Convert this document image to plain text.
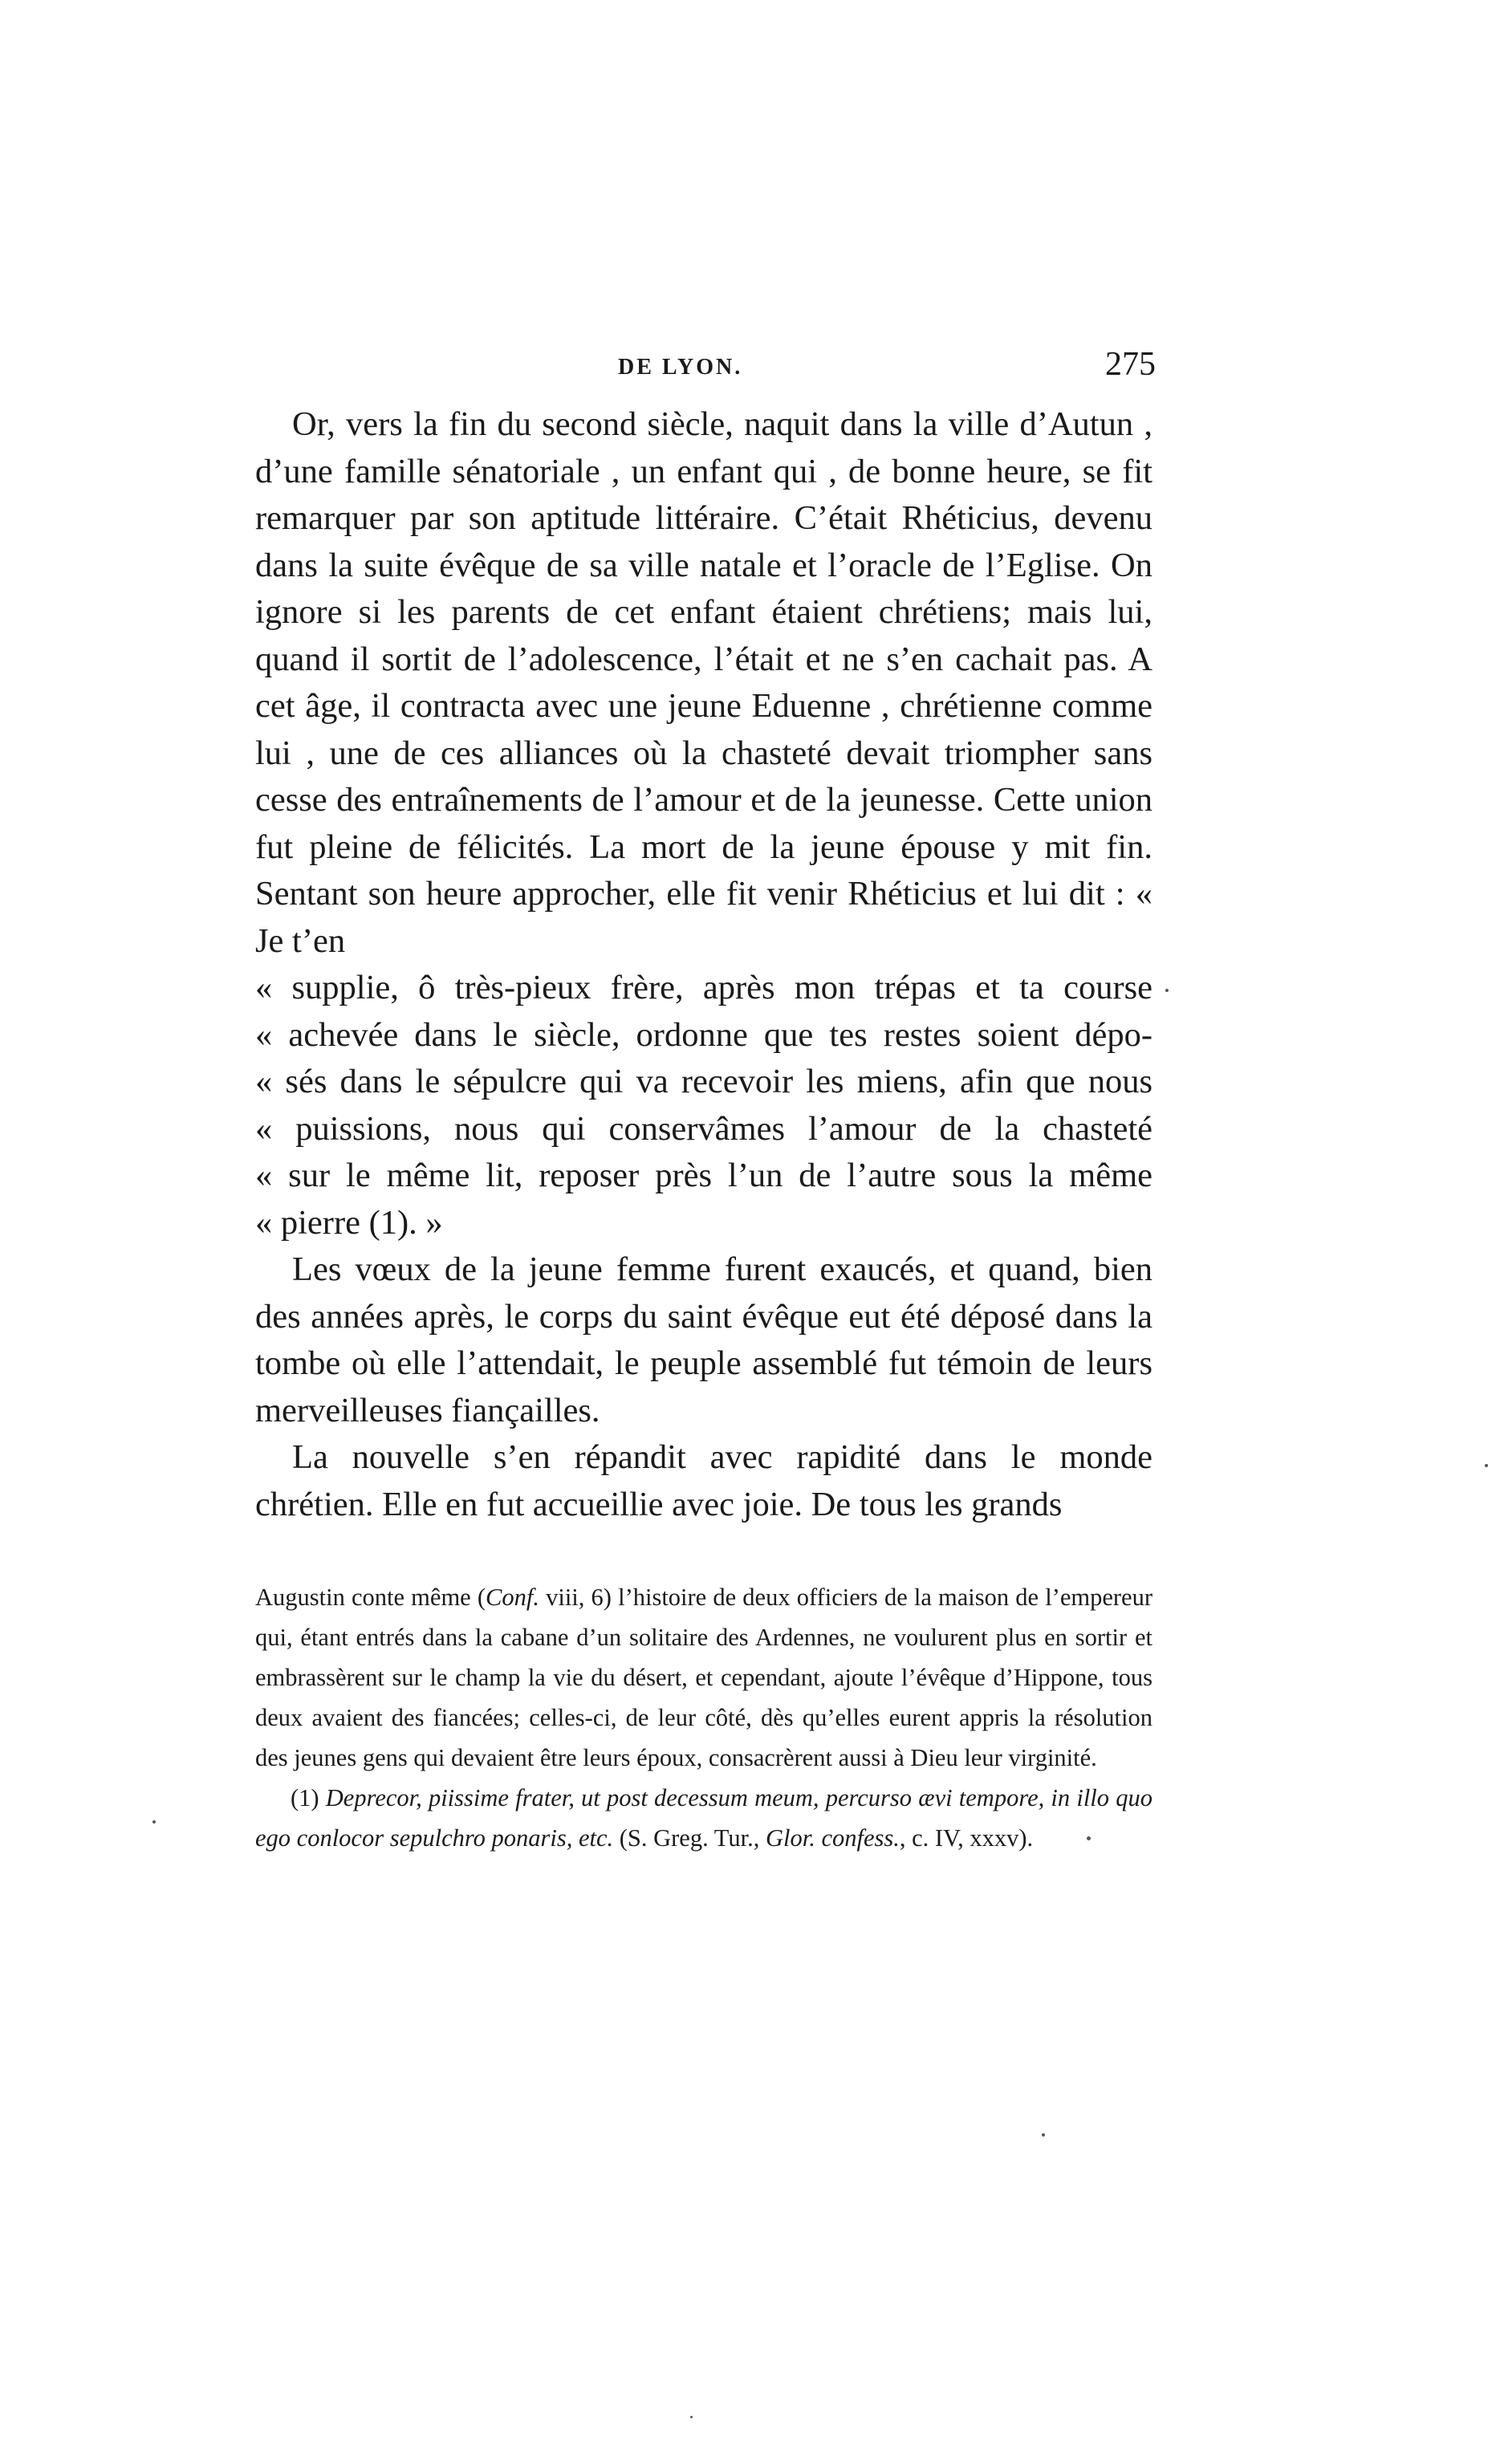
DE LYON.	275

Or, vers la fin du second siècle, naquit dans la ville d’Autun , d’une famille sénatoriale , un enfant qui , de bonne heure, se fit remarquer par son aptitude littéraire. C’était Rhéticius, devenu dans la suite évêque de sa ville natale et l’oracle de l’Eglise. On ignore si les parents de cet enfant étaient chrétiens; mais lui, quand il sortit de l’adolescence, l’était et ne s’en cachait pas. A cet âge, il contracta avec une jeune Eduenne , chrétienne comme lui , une de ces alliances où la chasteté devait triompher sans cesse des entraînements de l’amour et de la jeunesse. Cette union fut pleine de félicités. La mort de la jeune épouse y mit fin. Sentant son heure approcher, elle fit venir Rhéticius et lui dit : « Je t’en

« supplie, ô très-pieux frère, après mon trépas et ta course

« achevée dans le siècle, ordonne que tes restes soient dépo-

« sés dans le sépulcre qui va recevoir les miens, afin que nous

« puissions, nous qui conservâmes l’amour de la chasteté

« sur le même lit, reposer près l’un de l’autre sous la même

« pierre (1). »

Les vœux de la jeune femme furent exaucés, et quand, bien des années après, le corps du saint évêque eut été déposé dans la tombe où elle l’attendait, le peuple assemblé fut témoin de leurs merveilleuses fiançailles.

La nouvelle s’en répandit avec rapidité dans le monde chrétien. Elle en fut accueillie avec joie. De tous les grands

Augustin conte même (Conf. viii, 6) l’histoire de deux officiers de la maison de l’empereur qui, étant entrés dans la cabane d’un solitaire des Ardennes, ne voulurent plus en sortir et embrassèrent sur le champ la vie du désert, et cependant, ajoute l’évêque d’Hippone, tous deux avaient des fiancées; celles-ci, de leur côté, dès qu’elles eurent appris la résolution des jeunes gens qui devaient être leurs époux, consacrèrent aussi à Dieu leur virginité.

(1) Deprecor, piissime frater, ut post decessum meum, percurso ævi tempore, in illo quo ego conlocor sepulchro ponaris, etc. (S. Greg. Tur., Glor. confess., c. IV, xxxv).
